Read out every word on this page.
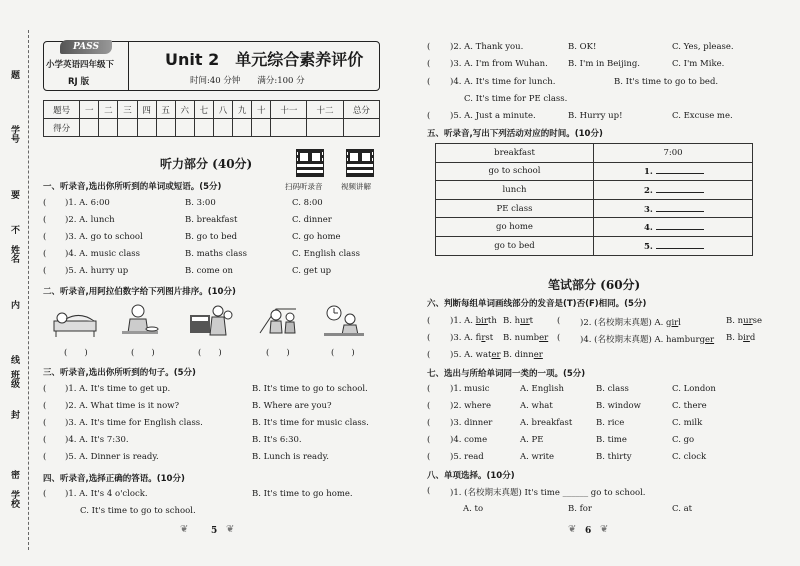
题
学号
要
不
姓名
内
线
班级
封
密
学校
PASS
小学英语四年级下
RJ 版
Unit 2　单元综合素养评价
时间:40 分钟　　满分:100 分
题号	一	二	三	四	五	六	七	八	九	十	十一	十二	总分
得分													
听力部分 (40分)
扫码听录音 视频讲解
一、听录音,选出你所听到的单词或短语。(5分)
( )1. A. 6:00	B. 3:00	C. 8:00
( )2. A. lunch	B. breakfast	C. dinner
( )3. A. go to school	B. go to bed	C. go home
( )4. A. music class	B. maths class	C. English class
( )5. A. hurry up	B. come on	C. get up
二、听录音,用阿拉伯数字给下列图片排序。(10分)
(　　)	(　　)	(　　)	(　　)	(　　)
三、听录音,选出你所听到的句子。(5分)
( )1. A. It's time to get up.	B. It's time to go to school.
( )2. A. What time is it now?	B. Where are you?
( )3. A. It's time for English class.	B. It's time for music class.
( )4. A. It's 7:30.	B. It's 6:30.
( )5. A. Dinner is ready.	B. Lunch is ready.
四、听录音,选择正确的答语。(10分)
( )1. A. It's 4 o'clock.	B. It's time to go home.
C. It's time to go to school.
❦	5 ❦
( )2. A. Thank you.	B. OK!	C. Yes, please.
( )3. A. I'm from Wuhan. B. I'm in Beijing.	C. I'm Mike.
( )4. A. It's time for lunch.	B. It's time to go to bed.
C. It's time for PE class.
( )5. A. Just a minute.	B. Hurry up!	C. Excuse me.
五、听录音,写出下列活动对应的时间。(10分)
breakfast	7:00
go to school	1.
lunch	2.
PE class	3.
go home	4.
go to bed	5.
笔试部分 (60分)
六、判断每组单词画线部分的发音是(T)否(F)相同。(5分)
( )1. A. birth B. hurt	( )2. (名校期末真题) A. girl	B. nurse
( )3. A. first B. number ( )4. (名校期末真题) A. hamburger B. bird
( )5. A. water B. dinner
七、选出与所给单词同一类的一项。(5分)
( )1. music	A. English	B. class	C. London
( )2. where	A. what	B. window	C. there
( )3. dinner	A. breakfast	B. rice	C. milk
( )4. come	A. PE	B. time	C. go
( )5. read	A. write	B. thirty	C. clock
八、单项选择。(10分)
( )1. (名校期末真题) It's time ______ go to school.
A. to	B. for	C. at
❦ 6 ❦
